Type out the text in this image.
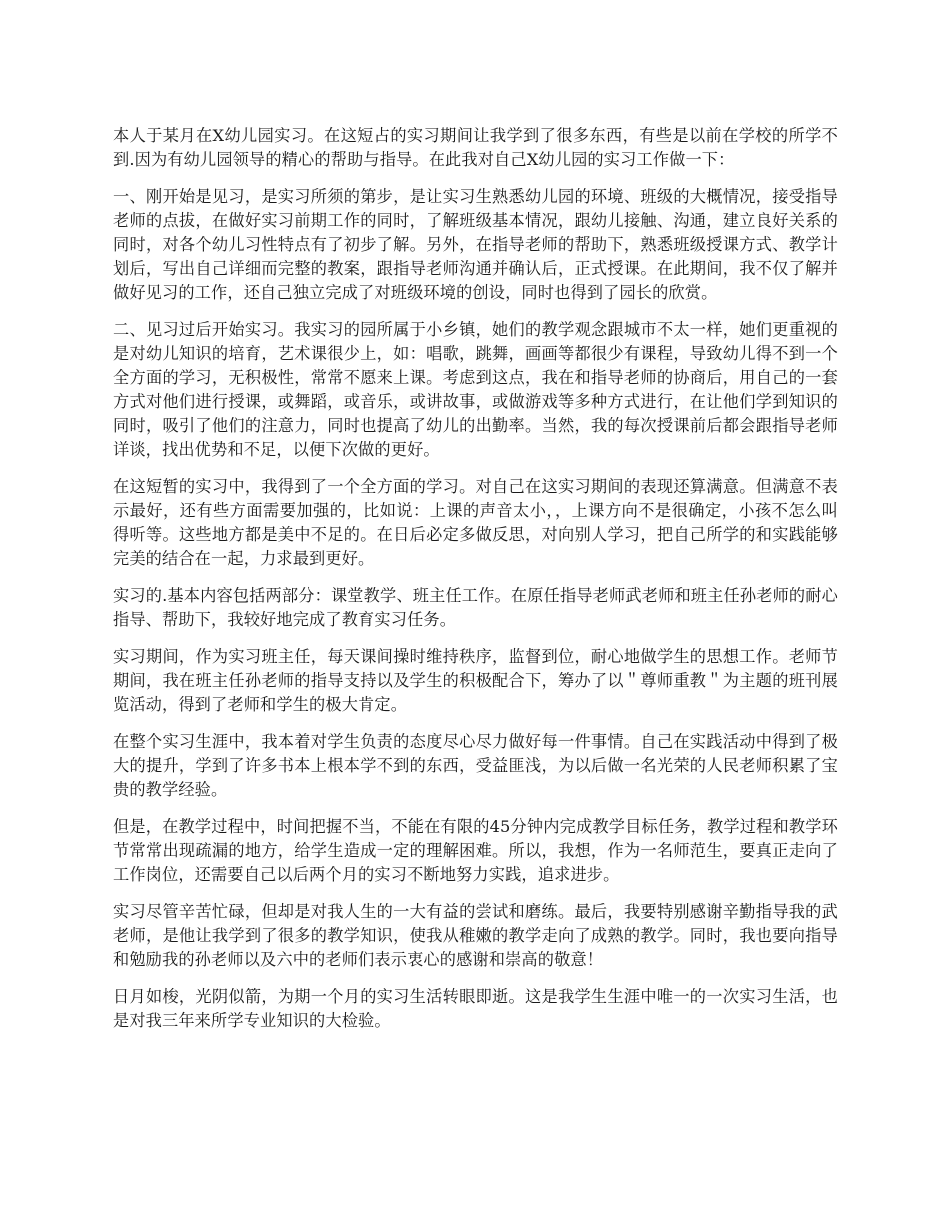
本人于某月在X幼儿园实习。在这短占的实习期间让我学到了很多东西，有些是以前在学校的所学不到.因为有幼儿园领导的精心的帮助与指导。在此我对自己X幼儿园的实习工作做一下：

一、刚开始是见习，是实习所须的第步，是让实习生熟悉幼儿园的环境、班级的大概情况，接受指导老师的点拔，在做好实习前期工作的同时，了解班级基本情况，跟幼儿接触、沟通，建立良好关系的同时，对各个幼儿习性特点有了初步了解。另外，在指导老师的帮助下，熟悉班级授课方式、教学计划后，写出自己详细而完整的教案，跟指导老师沟通并确认后，正式授课。在此期间，我不仅了解并做好见习的工作，还自己独立完成了对班级环境的创设，同时也得到了园长的欣赏。

二、见习过后开始实习。我实习的园所属于小乡镇，她们的教学观念跟城市不太一样，她们更重视的是对幼儿知识的培育，艺术课很少上，如：唱歌，跳舞，画画等都很少有课程，导致幼儿得不到一个全方面的学习，无积极性，常常不愿来上课。考虑到这点，我在和指导老师的协商后，用自己的一套方式对他们进行授课，或舞蹈，或音乐，或讲故事，或做游戏等多种方式进行，在让他们学到知识的同时，吸引了他们的注意力，同时也提高了幼儿的出勤率。当然，我的每次授课前后都会跟指导老师详谈，找出优势和不足，以便下次做的更好。

在这短暂的实习中，我得到了一个全方面的学习。对自己在这实习期间的表现还算满意。但满意不表示最好，还有些方面需要加强的，比如说：上课的声音太小，，上课方向不是很确定，小孩不怎么叫得听等。这些地方都是美中不足的。在日后必定多做反思，对向别人学习，把自己所学的和实践能够完美的结合在一起，力求最到更好。

实习的.基本内容包括两部分：课堂教学、班主任工作。在原任指导老师武老师和班主任孙老师的耐心指导、帮助下，我较好地完成了教育实习任务。

实习期间，作为实习班主任，每天课间操时维持秩序，监督到位，耐心地做学生的思想工作。老师节期间，我在班主任孙老师的指导支持以及学生的积极配合下，筹办了以＂尊师重教＂为主题的班刊展览活动，得到了老师和学生的极大肯定。

在整个实习生涯中，我本着对学生负责的态度尽心尽力做好每一件事情。自己在实践活动中得到了极大的提升，学到了许多书本上根本学不到的东西，受益匪浅，为以后做一名光荣的人民老师积累了宝贵的教学经验。

但是，在教学过程中，时间把握不当，不能在有限的45分钟内完成教学目标任务，教学过程和教学环节常常出现疏漏的地方，给学生造成一定的理解困难。所以，我想，作为一名师范生，要真正走向了工作岗位，还需要自己以后两个月的实习不断地努力实践，追求进步。

实习尽管辛苦忙碌，但却是对我人生的一大有益的尝试和磨练。最后，我要特别感谢辛勤指导我的武老师，是他让我学到了很多的教学知识，使我从稚嫩的教学走向了成熟的教学。同时，我也要向指导和勉励我的孙老师以及六中的老师们表示衷心的感谢和崇高的敬意！

日月如梭，光阴似箭，为期一个月的实习生活转眼即逝。这是我学生生涯中唯一的一次实习生活，也是对我三年来所学专业知识的大检验。
